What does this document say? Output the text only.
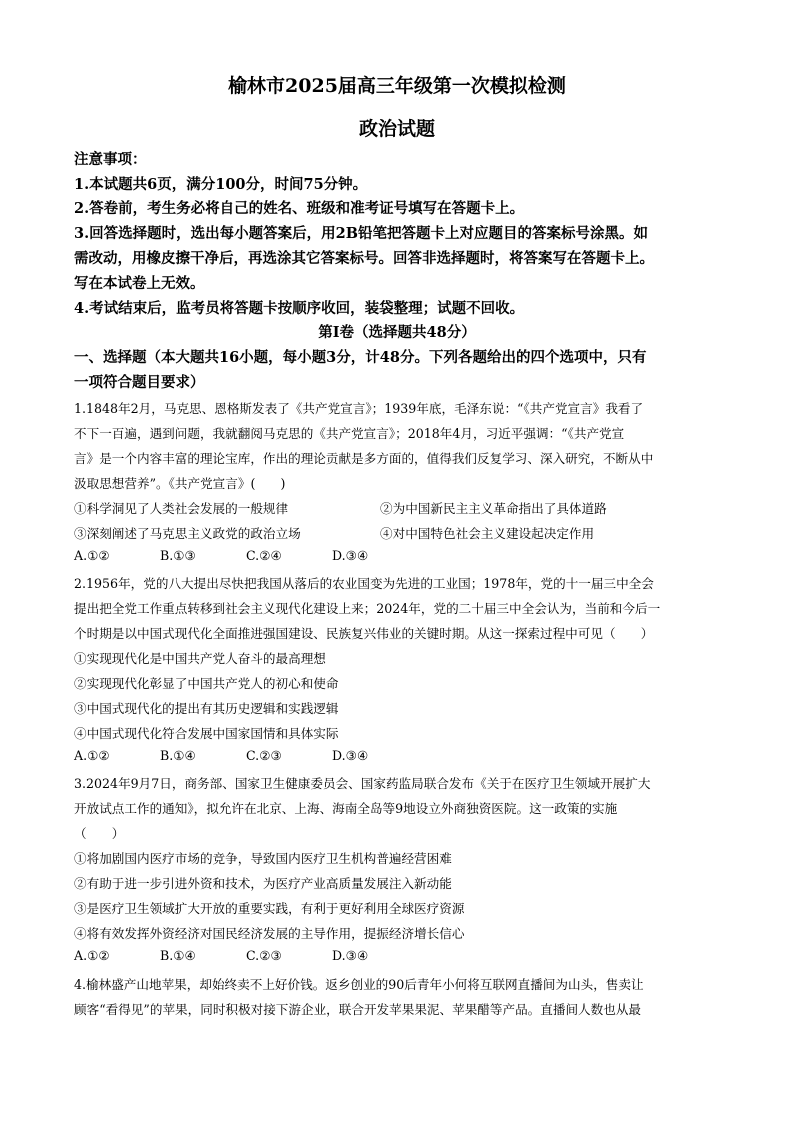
榆林市2025届高三年级第一次模拟检测
政治试题
注意事项：
1.本试题共6页，满分100分，时间75分钟。
2.答卷前，考生务必将自己的姓名、班级和准考证号填写在答题卡上。
3.回答选择题时，选出每小题答案后，用2B铅笔把答题卡上对应题目的答案标号涂黑。如
需改动，用橡皮擦干净后，再选涂其它答案标号。回答非选择题时，将答案写在答题卡上。
写在本试卷上无效。
4.考试结束后，监考员将答题卡按顺序收回，装袋整理；试题不回收。
第Ⅰ卷（选择题共48分）
一、选择题（本大题共16小题，每小题3分，计48分。下列各题给出的四个选项中，只有
一项符合题目要求）
1.1848年2月，马克思、恩格斯发表了《共产党宣言》；1939年底，毛泽东说：“《共产党宣言》我看了
不下一百遍，遇到问题，我就翻阅马克思的《共产党宣言》；2018年4月，习近平强调：“《共产党宣
言》是一个内容丰富的理论宝库，作出的理论贡献是多方面的，值得我们反复学习、深入研究，不断从中
汲取思想营养”。《共产党宣言》(　　)
①科学洞见了人类社会发展的一般规律	②为中国新民主主义革命指出了具体道路
③深刻阐述了马克思主义政党的政治立场	④对中国特色社会主义建设起决定作用
A.①②	B.①③	C.②④	D.③④
2.1956年，党的八大提出尽快把我国从落后的农业国变为先进的工业国；1978年，党的十一届三中全会
提出把全党工作重点转移到社会主义现代化建设上来；2024年，党的二十届三中全会认为，当前和今后一
个时期是以中国式现代化全面推进强国建设、民族复兴伟业的关键时期。从这一探索过程中可见（　　）
①实现现代化是中国共产党人奋斗的最高理想
②实现现代化彰显了中国共产党人的初心和使命
③中国式现代化的提出有其历史逻辑和实践逻辑
④中国式现代化符合发展中国家国情和具体实际
A.①②	B.①④	C.②③	D.③④
3.2024年9月7日，商务部、国家卫生健康委员会、国家药监局联合发布《关于在医疗卫生领域开展扩大
开放试点工作的通知》，拟允许在北京、上海、海南全岛等9地设立外商独资医院。这一政策的实施
（　　）
①将加剧国内医疗市场的竞争，导致国内医疗卫生机构普遍经营困难
②有助于进一步引进外资和技术，为医疗产业高质量发展注入新动能
③是医疗卫生领域扩大开放的重要实践，有利于更好利用全球医疗资源
④将有效发挥外资经济对国民经济发展的主导作用，提振经济增长信心
A.①②	B.①④	C.②③	D.③④
4.榆林盛产山地苹果，却始终卖不上好价钱。返乡创业的90后青年小何将互联网直播间为山头，售卖让
顾客“看得见”的苹果，同时积极对接下游企业，联合开发苹果果泥、苹果醋等产品。直播间人数也从最
